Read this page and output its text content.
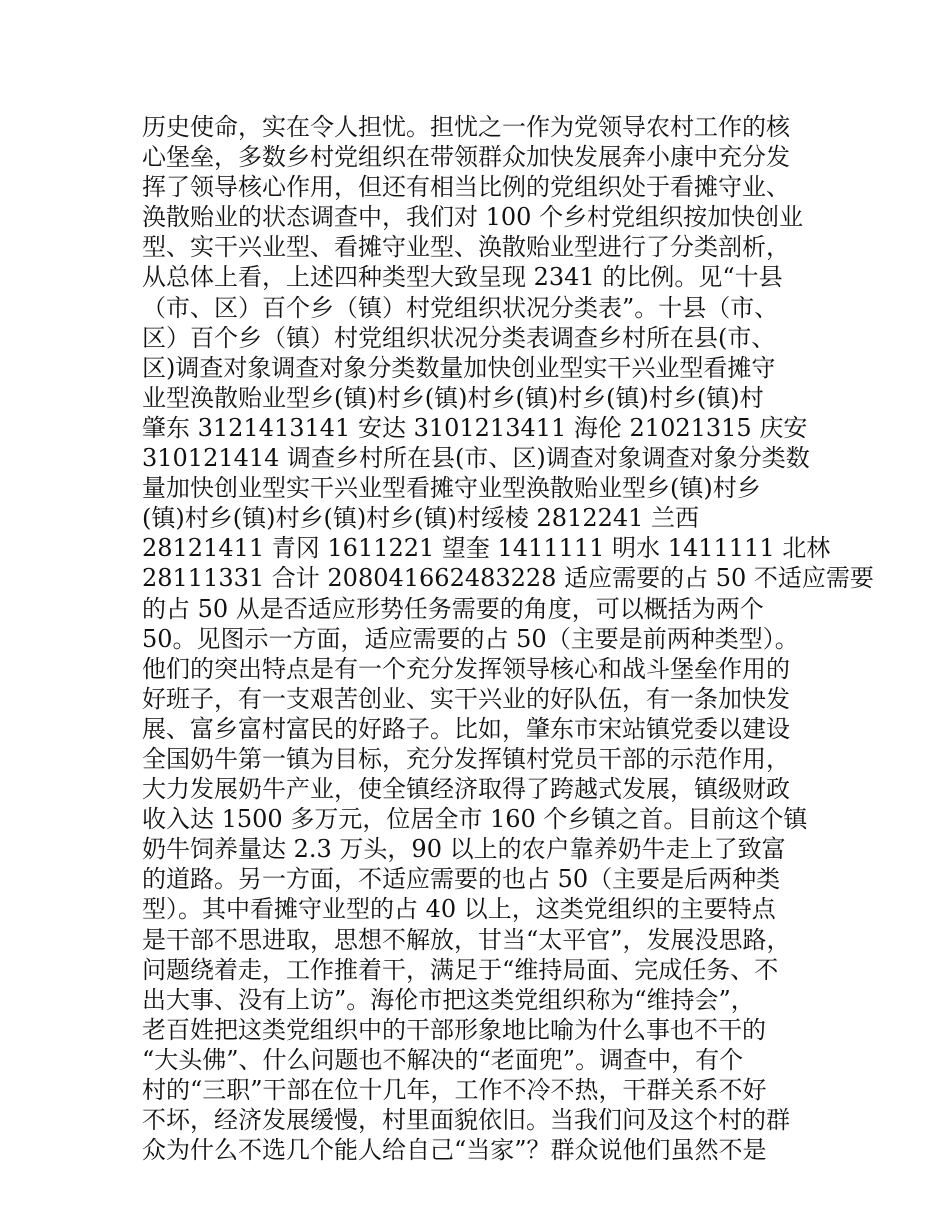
历史使命，实在令人担忧。担忧之一作为党领导农村工作的核
心堡垒，多数乡村党组织在带领群众加快发展奔小康中充分发
挥了领导核心作用，但还有相当比例的党组织处于看摊守业、
涣散贻业的状态调查中，我们对 100 个乡村党组织按加快创业
型、实干兴业型、看摊守业型、涣散贻业型进行了分类剖析，
从总体上看，上述四种类型大致呈现 2341 的比例。见“十县
（市、区）百个乡（镇）村党组织状况分类表”。十县（市、
区）百个乡（镇）村党组织状况分类表调查乡村所在县(市、
区)调查对象调查对象分类数量加快创业型实干兴业型看摊守
业型涣散贻业型乡(镇)村乡(镇)村乡(镇)村乡(镇)村乡(镇)村
肇东 3121413141 安达 3101213411 海伦 21021315 庆安
310121414 调查乡村所在县(市、区)调查对象调查对象分类数
量加快创业型实干兴业型看摊守业型涣散贻业型乡(镇)村乡
(镇)村乡(镇)村乡(镇)村乡(镇)村绥棱 2812241 兰西
28121411 青冈 1611221 望奎 1411111 明水 1411111 北林
28111331 合计 208041662483228 适应需要的占 50 不适应需要
的占 50 从是否适应形势任务需要的角度，可以概括为两个
50。见图示一方面，适应需要的占 50（主要是前两种类型）。
他们的突出特点是有一个充分发挥领导核心和战斗堡垒作用的
好班子，有一支艰苦创业、实干兴业的好队伍，有一条加快发
展、富乡富村富民的好路子。比如，肇东市宋站镇党委以建设
全国奶牛第一镇为目标，充分发挥镇村党员干部的示范作用，
大力发展奶牛产业，使全镇经济取得了跨越式发展，镇级财政
收入达 1500 多万元，位居全市 160 个乡镇之首。目前这个镇
奶牛饲养量达 2.3 万头，90 以上的农户靠养奶牛走上了致富
的道路。另一方面，不适应需要的也占 50（主要是后两种类
型）。其中看摊守业型的占 40 以上，这类党组织的主要特点
是干部不思进取，思想不解放，甘当“太平官”，发展没思路，
问题绕着走，工作推着干，满足于“维持局面、完成任务、不
出大事、没有上访”。海伦市把这类党组织称为“维持会”，
老百姓把这类党组织中的干部形象地比喻为什么事也不干的
“大头佛”、什么问题也不解决的“老面兜”。调查中，有个
村的“三职”干部在位十几年，工作不冷不热，干群关系不好
不坏，经济发展缓慢，村里面貌依旧。当我们问及这个村的群
众为什么不选几个能人给自己“当家”？群众说他们虽然不是
